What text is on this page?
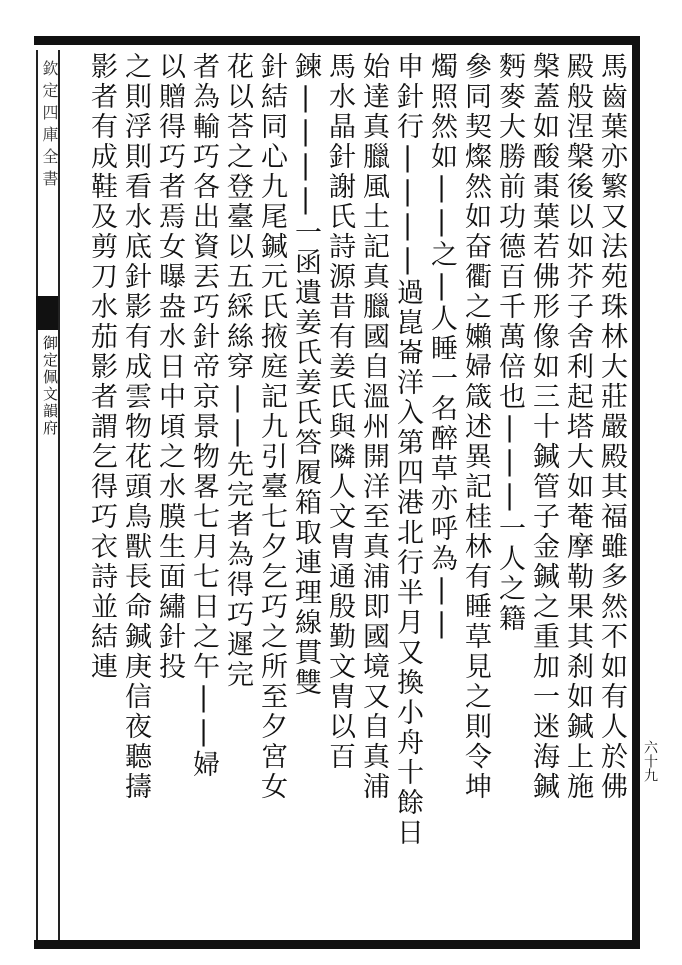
欽定四庫全書
御定佩文韻府
六十九
馬齒葉亦繁又法苑珠林大莊嚴殿其福雖多然不如有人於佛
殿般涅槃後以如芥子舍利起塔大如菴摩勒果其刹如鍼上施
槃蓋如酸棗葉若佛形像如三十鍼管子金鍼之重加一迷海鍼
麪麥大勝前功德百千萬倍也|||一人之籍
參同契燦然如奋衢之嬾婦箴述異記桂林有睡草見之則令坤
燭照然如||之|人睡一名醉草亦呼為||
申針行||||過崑崙洋入第四港北行半月又換小舟十餘日
始達真臘風土記真臘國自溫州開洋至真浦即國境又自真浦
馬水晶針謝氏詩源昔有姜氏與隣人文胄通殷勤文胄以百
鍊||||一函遺姜氏姜氏答履箱取連理線貫雙
針結同心九尾鍼元氏掖庭記九引臺七夕乞巧之所至夕宮女
花以荅之登臺以五綵絲穿||先完者為得巧遲完
者為輸巧各出資丟巧針帝京景物畧七月七日之午||婦
以贈得巧者焉女曝盎水日中頃之水膜生面繡針投
之則浮則看水底針影有成雲物花頭鳥獸長命鍼庚信夜聽擣
影者有成鞋及剪刀水茄影者謂乞得巧衣詩並結連
